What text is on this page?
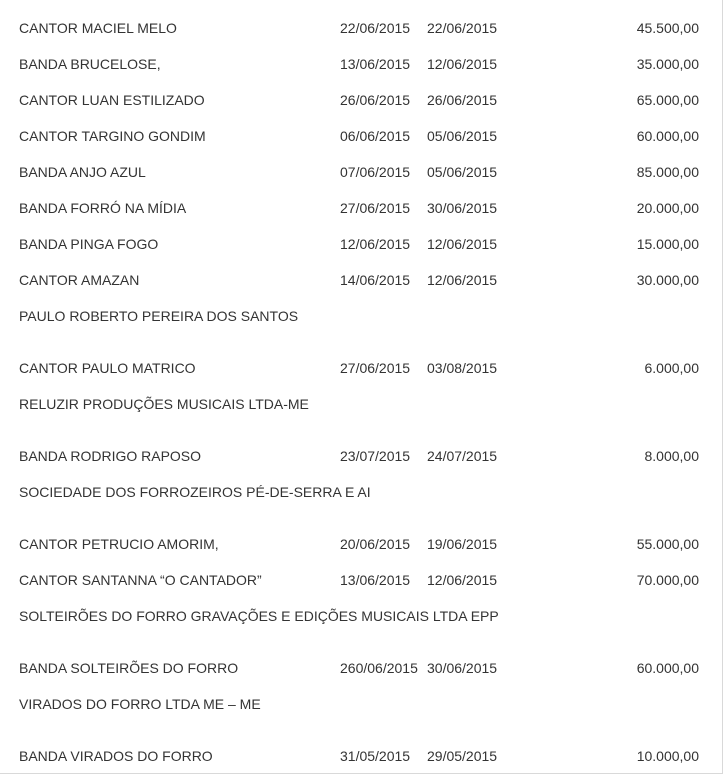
CANTOR MACIEL MELO	22/06/2015 22/06/2015	45.500,00
BANDA BRUCELOSE,	13/06/2015 12/06/2015	35.000,00
CANTOR LUAN ESTILIZADO	26/06/2015 26/06/2015	65.000,00
CANTOR TARGINO GONDIM	06/06/2015 05/06/2015	60.000,00
BANDA ANJO AZUL	07/06/2015 05/06/2015	85.000,00
BANDA FORRÓ NA MÍDIA	27/06/2015 30/06/2015	20.000,00
BANDA PINGA FOGO	12/06/2015 12/06/2015	15.000,00
CANTOR AMAZAN	14/06/2015 12/06/2015	30.000,00
PAULO ROBERTO PEREIRA DOS SANTOS
CANTOR PAULO MATRICO	27/06/2015 03/08/2015	6.000,00
RELUZIR PRODUÇÕES MUSICAIS LTDA-ME
BANDA RODRIGO RAPOSO	23/07/2015 24/07/2015	8.000,00
SOCIEDADE DOS FORROZEIROS PÉ-DE-SERRA E AI
CANTOR PETRUCIO AMORIM,	20/06/2015 19/06/2015	55.000,00
CANTOR SANTANNA “O CANTADOR”	13/06/2015 12/06/2015	70.000,00
SOLTEIRÕES DO FORRO GRAVAÇÕES E EDIÇÕES MUSICAIS LTDA EPP
BANDA SOLTEIRÕES DO FORRO	260/06/2015 30/06/2015	60.000,00
VIRADOS DO FORRO LTDA ME – ME
BANDA VIRADOS DO FORRO	31/05/2015 29/05/2015	10.000,00
